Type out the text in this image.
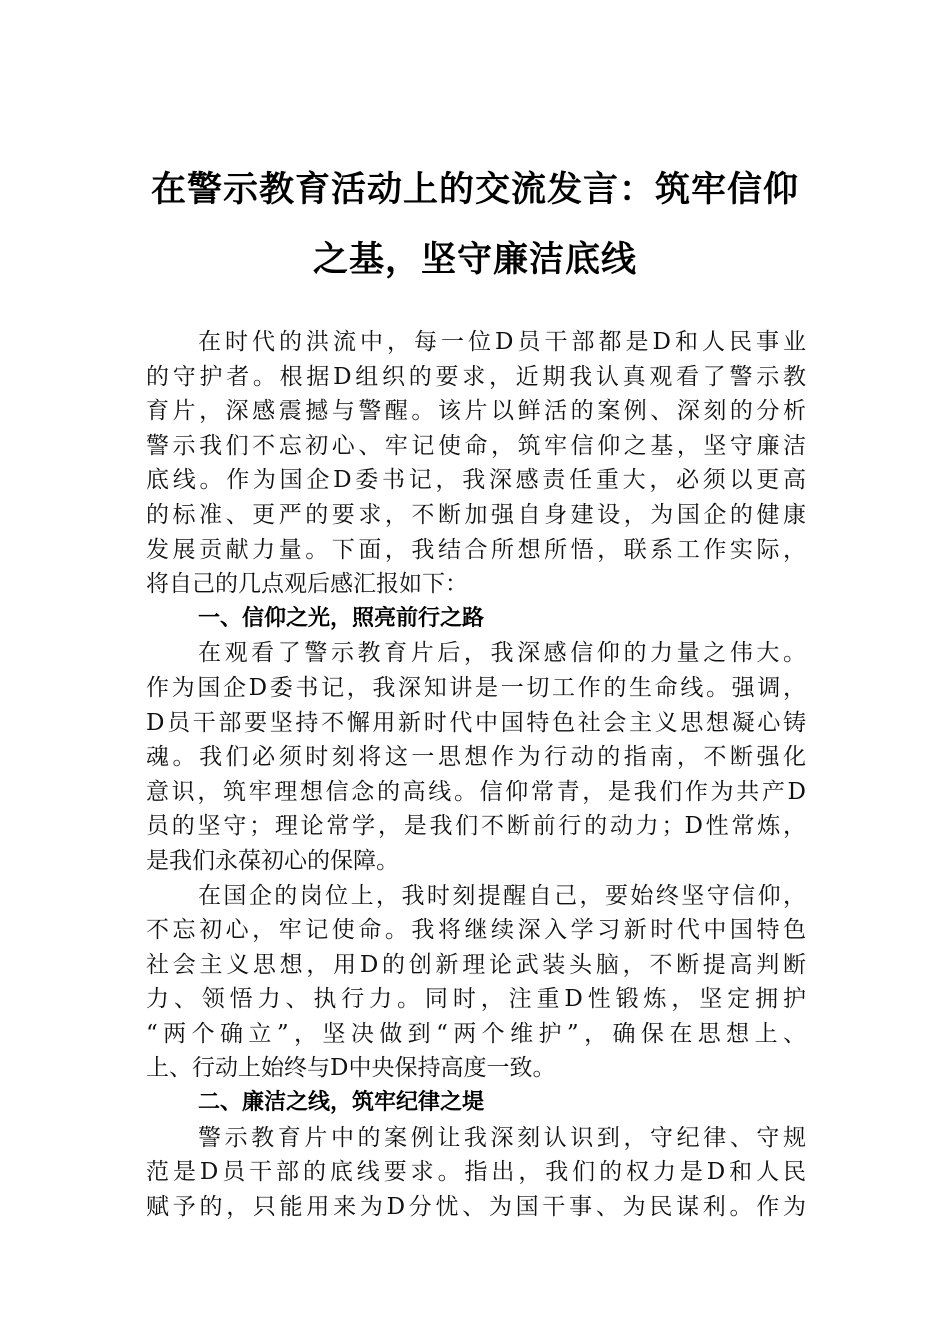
在警示教育活动上的交流发言：筑牢信仰
之基，坚守廉洁底线
在时代的洪流中，每一位D员干部都是D和人民事业
的守护者。根据D组织的要求，近期我认真观看了警示教
育片，深感震撼与警醒。该片以鲜活的案例、深刻的分析
警示我们不忘初心、牢记使命，筑牢信仰之基，坚守廉洁
底线。作为国企D委书记，我深感责任重大，必须以更高
的标准、更严的要求，不断加强自身建设，为国企的健康
发展贡献力量。下面，我结合所想所悟，联系工作实际，
将自己的几点观后感汇报如下：
一、信仰之光，照亮前行之路
在观看了警示教育片后，我深感信仰的力量之伟大。
作为国企D委书记，我深知讲是一切工作的生命线。强调，
D员干部要坚持不懈用新时代中国特色社会主义思想凝心铸
魂。我们必须时刻将这一思想作为行动的指南，不断强化
意识，筑牢理想信念的高线。信仰常青，是我们作为共产D
员的坚守；理论常学，是我们不断前行的动力；D性常炼，
是我们永葆初心的保障。
在国企的岗位上，我时刻提醒自己，要始终坚守信仰，
不忘初心，牢记使命。我将继续深入学习新时代中国特色
社会主义思想，用D的创新理论武装头脑，不断提高判断
力、领悟力、执行力。同时，注重D性锻炼，坚定拥护
“两个确立”，坚决做到“两个维护”，确保在思想上、
上、行动上始终与D中央保持高度一致。
二、廉洁之线，筑牢纪律之堤
警示教育片中的案例让我深刻认识到，守纪律、守规
范是D员干部的底线要求。指出，我们的权力是D和人民
赋予的，只能用来为D分忧、为国干事、为民谋利。作为
